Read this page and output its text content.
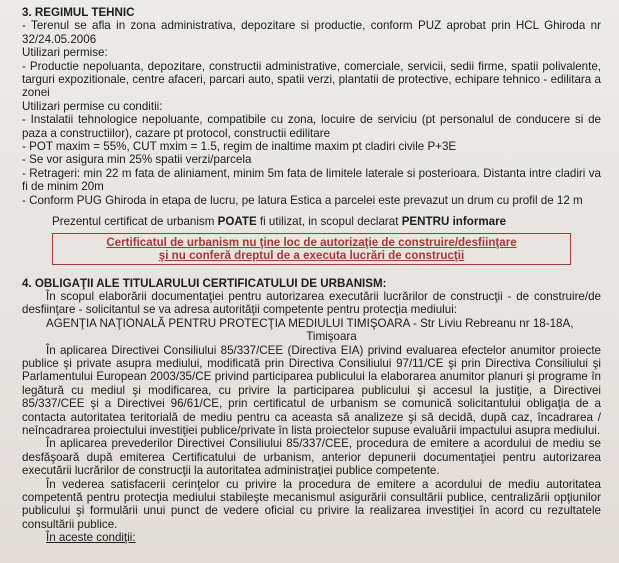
3. REGIMUL TEHNIC

- Terenul se afla in zona administrativa, depozitare si productie, conform PUZ aprobat prin HCL Ghiroda nr 32/24.05.2006

Utilizari permise:

- Productie nepoluanta, depozitare, constructii administrative, comerciale, servicii, sedii firme, spatii polivalente, targuri expozitionale, centre afaceri, parcari auto, spatii verzi, plantatii de protective, echipare tehnico - edilitara a zonei

Utilizari permise cu conditii:

- Instalatii tehnologice nepoluante, compatibile cu zona, locuire de serviciu (pt personalul de conducere si de paza a constructiilor), cazare pt protocol, constructii edilitare

- POT maxim = 55%, CUT mxim = 1.5, regim de inaltime maxim pt cladiri civile P+3E

- Se vor asigura min 25% spatii verzi/parcela

- Retrageri: min 22 m fata de aliniament, minim 5m fata de limitele laterale si posterioara. Distanta intre cladiri va fi de minim 20m

- Conform PUG Ghiroda in etapa de lucru, pe latura Estica a parcelei este prevazut un drum cu profil de 12 m

Prezentul certificat de urbanism POATE fi utilizat, in scopul declarat PENTRU informare

Certificatul de urbanism nu ţine loc de autorizaţie de construire/desfiinţare
şi nu conferă dreptul de a executa lucrări de construcţii

4. OBLIGAŢII ALE TITULARULUI CERTIFICATULUI DE URBANISM:

În scopul elaborării documentaţiei pentru autorizarea executării lucrărilor de construcţii - de construire/de desfiinţare - solicitantul se va adresa autorităţii competente pentru protecţia mediului:

AGENŢIA NAŢIONALĂ PENTRU PROTECŢIA MEDIULUI TIMIŞOARA - Str Liviu Rebreanu nr 18-18A,

Timişoara

În aplicarea Directivei Consiliului 85/337/CEE (Directiva EIA) privind evaluarea efectelor anumitor proiecte publice şi private asupra mediului, modificată prin Directiva Consiliului 97/11/CE şi prin Directiva Consiliului şi Parlamentului European 2003/35/CE privind participarea publicului la elaborarea anumitor planuri şi programe în legătură cu mediul şi modificarea, cu privire la participarea publicului şi accesul la justiţie, a Directivei 85/337/CEE şi a Directivei 96/61/CE, prin certificatul de urbanism se comunică solicitantului obligaţia de a contacta autoritatea teritorială de mediu pentru ca aceasta să analizeze şi să decidă, după caz, încadrarea / neîncadrarea proiectului investiţiei publice/private în lista proiectelor supuse evaluării impactului asupra mediului.

În aplicarea prevederilor Directivei Consiliului 85/337/CEE, procedura de emitere a acordului de mediu se desfăşoară după emiterea Certificatului de urbanism, anterior depunerii documentaţiei pentru autorizarea executării lucrărilor de construcţii la autoritatea administraţiei publice competente.

În vederea satisfacerii cerinţelor cu privire la procedura de emitere a acordului de mediu autoritatea competentă pentru protecţia mediului stabileşte mecanismul asigurării consultării publice, centralizării opţiunilor publicului şi formulării unui punct de vedere oficial cu privire la realizarea investiţiei în acord cu rezultatele consultării publice.

În aceste condiţii:
